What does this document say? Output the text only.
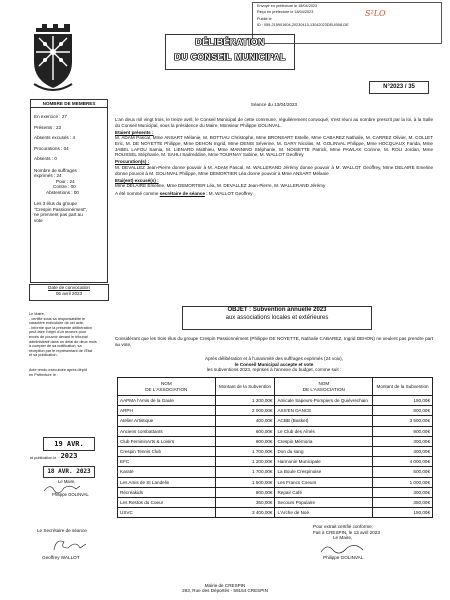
Envoyé en préfecture le 18/04/2023
Reçu en préfecture le 18/04/2023
Publié le
ID : 059-215901604-20230413-13042023DELIB08-DE
S²LO
DÉLIBÉRATION
DU CONSEIL MUNICIPAL
N°2023 / 35
NOMBRE DE MEMBRES
En exercice : 27
Présents : 23
Absents excusés : 4
Procurations : 04
Absents : 0
Nombre de suffrages
exprimés : 24
Pour : 24
Contre : 00
Abstentions : 00
Les 3 élus du groupe
"Crespin Passionnément",
ne prennent pas part au
vote
Date de convocation
06 avril 2023
Le Maire,
- certifie sous sa responsabilité le
caractère exécutoire de cet acte.
- informe que la présente délibération
peut faire l'objet d'un recours pour
excès de pouvoir devant le tribunal
administratif dans un délai de deux mois
à compter de sa notification, sa
réception par le représentant de l'Etat
et sa publication.
Acte rendu exécutoire après dépôt
en Préfecture le :
19 AVR. 2023
et publication le :
18 AVR. 2023
Le Maire,
Philippe GOLINVAL
Le Secrétaire de séance
Geoffrey WALLOT
Séance du 13/04/2023

L'an deux mil vingt trois, le treize avril, le Conseil Municipal de cette commune, régulièrement convoqué, s'est réuni au nombre prescrit par la loi, à la Salle du Conseil Municipal, sous la présidence du Maire, Monsieur Philippe GOLINVAL.

Etaient présents :

M. ADAM Pascal, Mme ANSART Mélanie, M. BOTTIAU Christophe, Mme BRONSART Estelle, Mme CABAREZ Nathalie, M. CARREZ Olivier, M. COLLET Eric, M. DE NOYETTE Philippe, Mme DEHON Ingrid, Mme DENIS Séverine, M. GARY Nicolas, M. GOLINVAL Philippe, Mme HOCQUAUX Farida, Mme JABEL LAFOU Samia, M. LIENARD Matthieu, Mme MANNINO Stéphanie, M. NOISETTE Patrick, Mme PAWLAK Corinne, M. ROLI Jordan, Mme ROUSSEL Stéphanie, M. SAHLI Sadreddine, Mme TOURNAY Sabine, M. WALLOT Geoffrey

Procuration(s) :

M. DEVALLEZ Jean-Pierre donne pouvoir à M. ADAM Pascal, M. WALLERAND Jérémy donne pouvoir à M. WALLOT Geoffrey, Mme DELAIRE Emeline donne pouvoir à M. GOLINVAL Philippe, Mme DEMORTIER Léa donne pouvoir à Mme ANSART Mélanie

Etai(ent) excusé(s) :

Mme DELAIRE Emeline, Mme DEMORTIER Léa, M. DEVALLEZ Jean-Pierre, M. WALLERAND Jérémy

A été nommé comme secrétaire de séance : M. WALLOT Geoffrey

OBJET : Subvention annuelle 2023
aux associations locales et extérieures
Considérant que les trois élus du groupe Crespin Passionnément (Philippe DE NOYETTE, Nathalie CABAREZ, Ingrid DEHON) ne veulent pas prendre part au vote,
Après délibération et à l'unanimité des suffrages exprimés (24 voix),
le Conseil Municipal accepte et vote
les subventions 2023, reprises à l'annexe du budget, comme suit :
NOM
DE L'ASSOCIATION	Montant de la Subvention	NOM
DE L'ASSOCIATION	Montant de la Subvention
AAPMA l'Amis de la Gaule	1 200,00€	Amicale Sapeurs-Pompiers de Quiévrechain	150,00€
ARPH	2 000,00€	ASS'EN DANCE	800,00€
Atelier Artistique	400,00€	ACBB (Basket)	3 500,00€
Anciens combattants	600,00€	Le Club des Aînés	900,00€
Club FemininArts & Loisirs	600,00€	Crespin Mémoria	300,00€
Crespin Tennis Club	1 700,00€	Don du sang	300,00€
EFC	1 200,00€	Harmonie Municipale	4 000,00€
Karaté	1 700,00€	La Boule Crespinoise	500,00€
Les Amis de St Landelin	1 500,00€	Les Francs Coeurs	1 000,00€
Récréakids	800,00€	Repair Café	300,00€
Les Restos du Coeur	350,00€	Secours Populaire	350,00€
USVC	3 400,00€	L'Arche de Noé	150,00€
Pour extrait certifié conforme,
Fait à CRESPIN, le 13 avril 2023
Le Maire,
Philippe GOLINVAL
Mairie de CRESPIN
293, Rue des Déportés - 59154 CRESPIN
